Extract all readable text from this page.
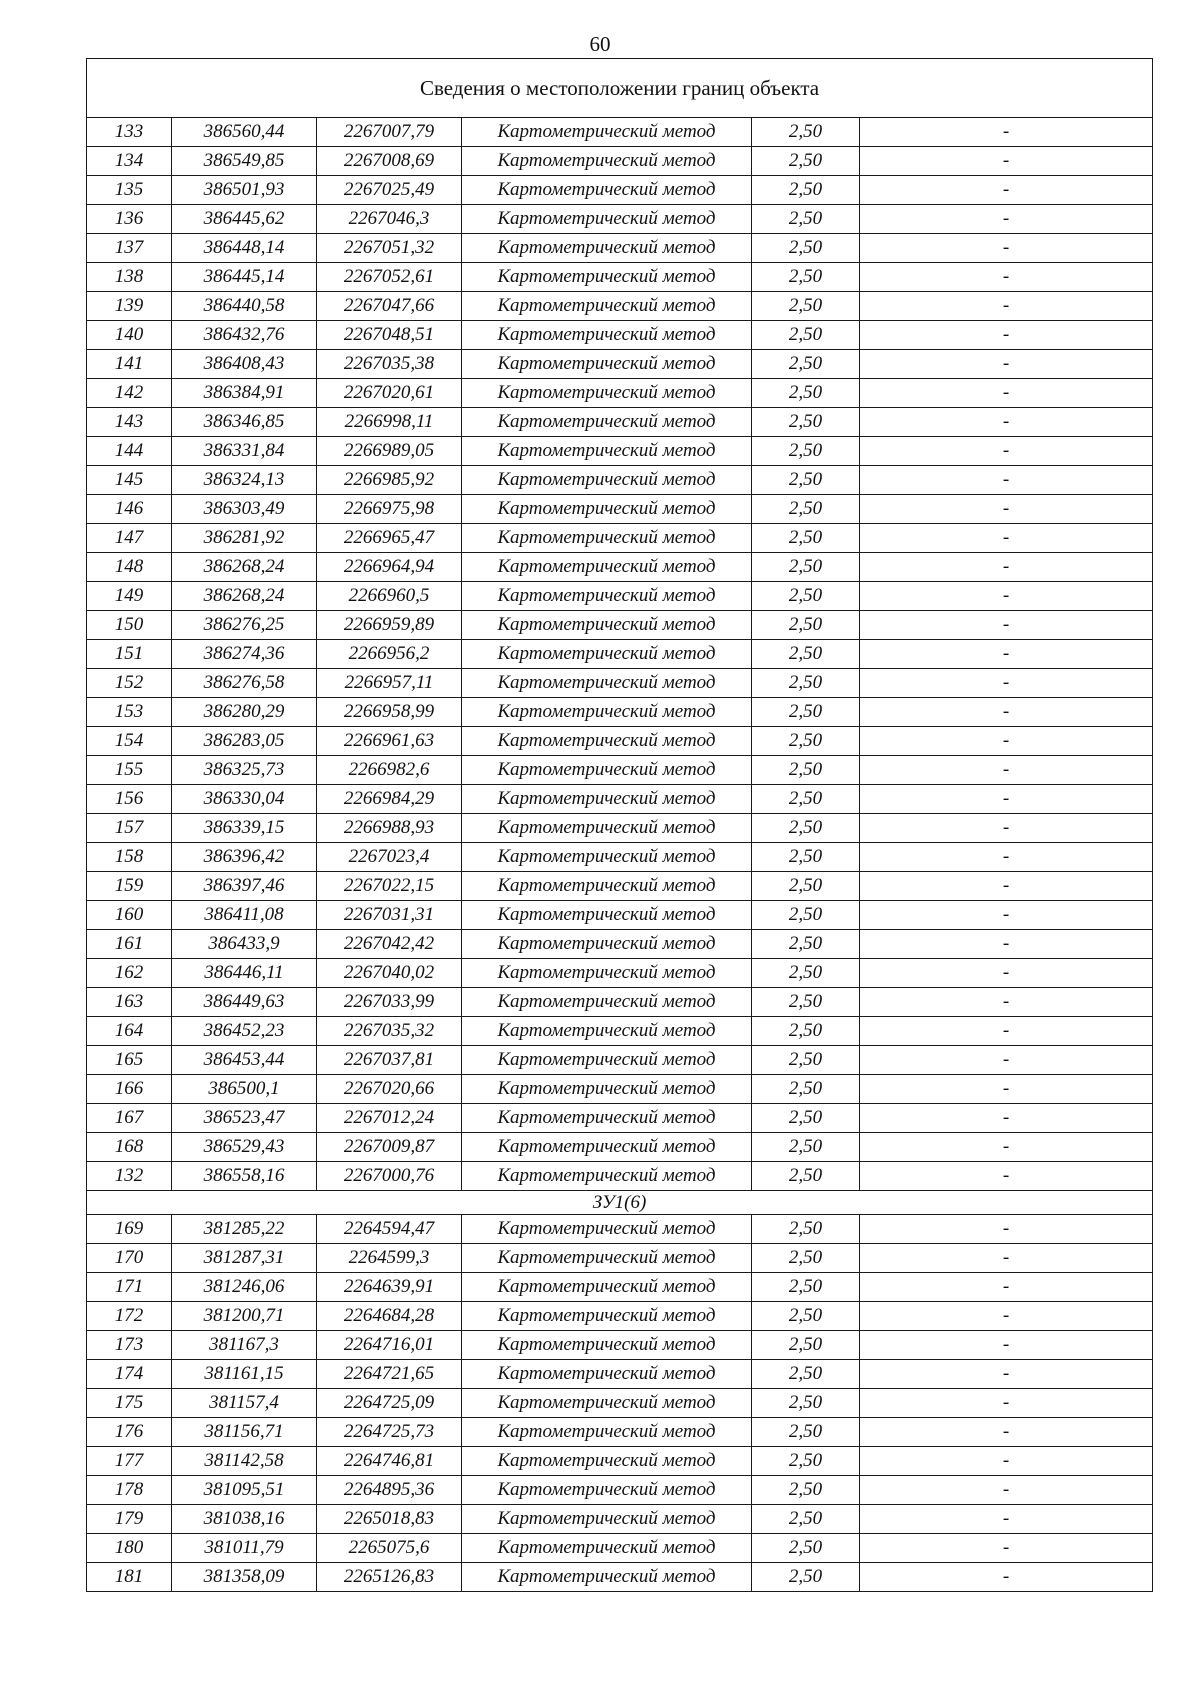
60
Сведения о местоположении границ объекта					
133	386560,44	2267007,79	Картометрический метод	2,50	-
134	386549,85	2267008,69	Картометрический метод	2,50	-
135	386501,93	2267025,49	Картометрический метод	2,50	-
136	386445,62	2267046,3	Картометрический метод	2,50	-
137	386448,14	2267051,32	Картометрический метод	2,50	-
138	386445,14	2267052,61	Картометрический метод	2,50	-
139	386440,58	2267047,66	Картометрический метод	2,50	-
140	386432,76	2267048,51	Картометрический метод	2,50	-
141	386408,43	2267035,38	Картометрический метод	2,50	-
142	386384,91	2267020,61	Картометрический метод	2,50	-
143	386346,85	2266998,11	Картометрический метод	2,50	-
144	386331,84	2266989,05	Картометрический метод	2,50	-
145	386324,13	2266985,92	Картометрический метод	2,50	-
146	386303,49	2266975,98	Картометрический метод	2,50	-
147	386281,92	2266965,47	Картометрический метод	2,50	-
148	386268,24	2266964,94	Картометрический метод	2,50	-
149	386268,24	2266960,5	Картометрический метод	2,50	-
150	386276,25	2266959,89	Картометрический метод	2,50	-
151	386274,36	2266956,2	Картометрический метод	2,50	-
152	386276,58	2266957,11	Картометрический метод	2,50	-
153	386280,29	2266958,99	Картометрический метод	2,50	-
154	386283,05	2266961,63	Картометрический метод	2,50	-
155	386325,73	2266982,6	Картометрический метод	2,50	-
156	386330,04	2266984,29	Картометрический метод	2,50	-
157	386339,15	2266988,93	Картометрический метод	2,50	-
158	386396,42	2267023,4	Картометрический метод	2,50	-
159	386397,46	2267022,15	Картометрический метод	2,50	-
160	386411,08	2267031,31	Картометрический метод	2,50	-
161	386433,9	2267042,42	Картометрический метод	2,50	-
162	386446,11	2267040,02	Картометрический метод	2,50	-
163	386449,63	2267033,99	Картометрический метод	2,50	-
164	386452,23	2267035,32	Картометрический метод	2,50	-
165	386453,44	2267037,81	Картометрический метод	2,50	-
166	386500,1	2267020,66	Картометрический метод	2,50	-
167	386523,47	2267012,24	Картометрический метод	2,50	-
168	386529,43	2267009,87	Картометрический метод	2,50	-
132	386558,16	2267000,76	Картометрический метод	2,50	-
ЗУ1(6)					
169	381285,22	2264594,47	Картометрический метод	2,50	-
170	381287,31	2264599,3	Картометрический метод	2,50	-
171	381246,06	2264639,91	Картометрический метод	2,50	-
172	381200,71	2264684,28	Картометрический метод	2,50	-
173	381167,3	2264716,01	Картометрический метод	2,50	-
174	381161,15	2264721,65	Картометрический метод	2,50	-
175	381157,4	2264725,09	Картометрический метод	2,50	-
176	381156,71	2264725,73	Картометрический метод	2,50	-
177	381142,58	2264746,81	Картометрический метод	2,50	-
178	381095,51	2264895,36	Картометрический метод	2,50	-
179	381038,16	2265018,83	Картометрический метод	2,50	-
180	381011,79	2265075,6	Картометрический метод	2,50	-
181	381358,09	2265126,83	Картометрический метод	2,50	-
